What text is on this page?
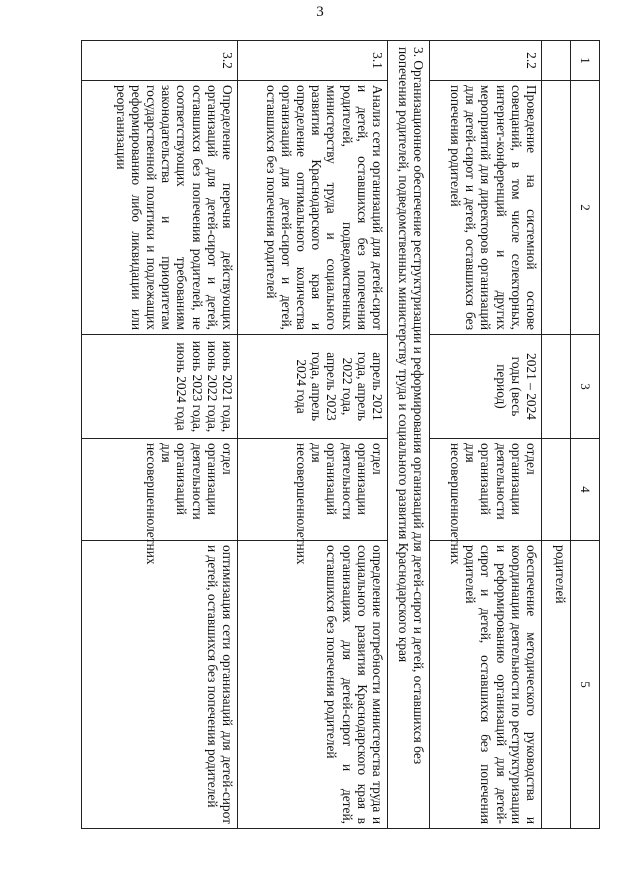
3
1	2	3	4	5
				родителей
2.2	Проведение на системной основе совещаний, в том числе селекторных, интернет-конференций и других мероприятий для директоров организаций для детей-сирот и детей, оставшихся без попечения родителей	2021 – 2024 годы (весь период)	отдел организации деятельности организаций для несовершеннолетних	обеспечение методического руководства и координации деятельности по реструктуризации и реформированию организаций для детей-сирот и детей, оставшихся без попечения родителей
3. Организационное обеспечение реструктуризации и реформирования организаций для детей-сирот и детей, оставшихся без попечения родителей, подведомственных министерству труда и социального развития Краснодарского края				
3.1	Анализ сети организаций для детей-сирот и детей, оставшихся без попечения родителей, подведомственных министерству труда и социального развития Краснодарского края и определение оптимального количества организаций для детей-сирот и детей, оставшихся без попечения родителей	апрель 2021 года, апрель 2022 года, апрель 2023 года, апрель 2024 года	отдел организации деятельности организаций для несовершеннолетних	определение потребности министерства труда и социального развития Краснодарского края в организациях для детей-сирот и детей, оставшихся без попечения родителей
3.2	Определение перечня действующих организаций для детей-сирот и детей, оставшихся без попечения родителей, не соответствующих требованиям законодательства и приоритетам государственной политики и подлежащих реформированию либо ликвидации или реорганизации	июнь 2021 года, июнь 2022 года, июнь 2023 года, июнь 2024 года	отдел организации деятельности организаций для несовершеннолетних	оптимизация сети организаций для детей-сирот и детей, оставшихся без попечения родителей
